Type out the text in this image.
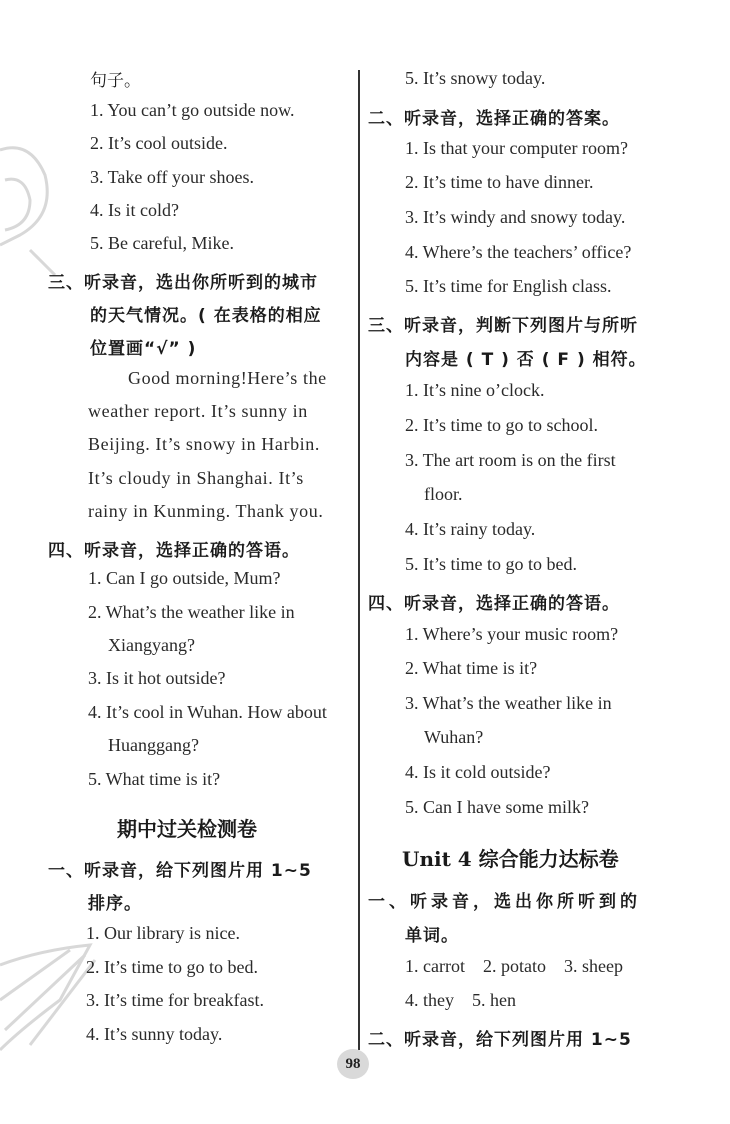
句子。
1. You can’t go outside now.
2. It’s cool outside.
3. Take off your shoes.
4. Is it cold?
5. Be careful, Mike.
三、听录音，选出你所听到的城市
的天气情况。( 在表格的相应
位置画“√” )
Good morning!Here’s the
weather report. It’s sunny in
Beijing. It’s snowy in Harbin.
It’s cloudy in Shanghai. It’s
rainy in Kunming. Thank you.
四、听录音，选择正确的答语。
1. Can I go outside, Mum?
2. What’s the weather like in
Xiangyang?
3. Is it hot outside?
4. It’s cool in Wuhan. How about
Huanggang?
5. What time is it?
期中过关检测卷
一、听录音，给下列图片用 1~5
排序。
1. Our library is nice.
2. It’s time to go to bed.
3. It’s time for breakfast.
4. It’s sunny today.
5. It’s snowy today.
二、听录音，选择正确的答案。
1. Is that your computer room?
2. It’s time to have dinner.
3. It’s windy and snowy today.
4. Where’s the teachers’ office?
5. It’s time for English class.
三、听录音，判断下列图片与所听
内容是 ( T ) 否 ( F ) 相符。
1. It’s nine o’clock.
2. It’s time to go to school.
3. The art room is on the first
floor.
4. It’s rainy today.
5. It’s time to go to bed.
四、听录音，选择正确的答语。
1. Where’s your music room?
2. What time is it?
3. What’s the weather like in
Wuhan?
4. Is it cold outside?
5. Can I have some milk?
Unit 4 综合能力达标卷
一、听录音，选出你所听到的
单词。
1. carrot    2. potato    3. sheep
4. they    5. hen
二、听录音，给下列图片用 1~5
98
